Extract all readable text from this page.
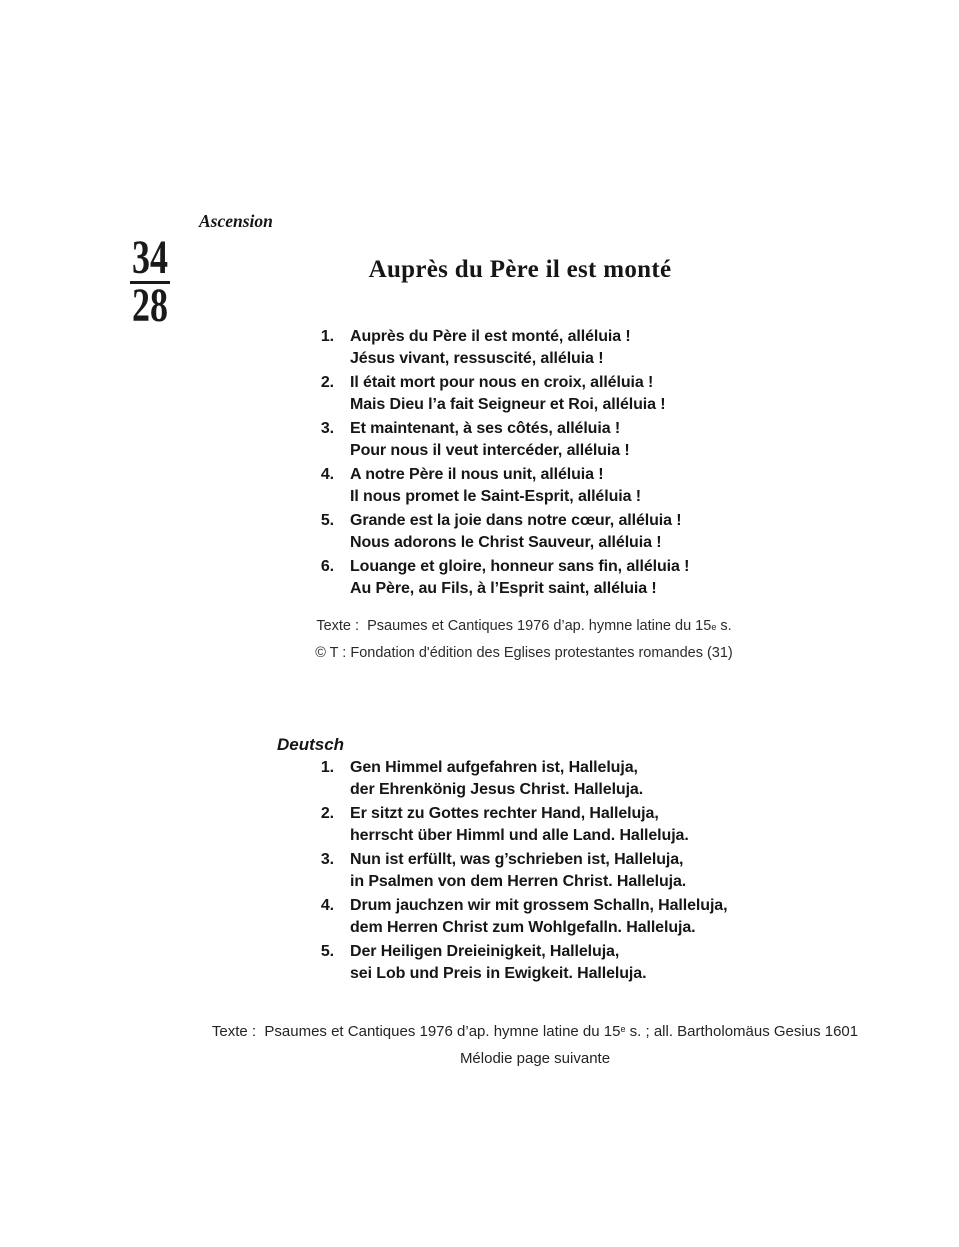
Ascension
34
28
Auprès du Père il est monté
1. Auprès du Père il est monté, alléluia !
Jésus vivant, ressuscité, alléluia !
2. Il était mort pour nous en croix, alléluia !
Mais Dieu l’a fait Seigneur et Roi, alléluia !
3. Et maintenant, à ses côtés, alléluia !
Pour nous il veut intercéder, alléluia !
4. A notre Père il nous unit, alléluia !
Il nous promet le Saint-Esprit, alléluia !
5. Grande est la joie dans notre cœur, alléluia !
Nous adorons le Christ Sauveur, alléluia !
6. Louange et gloire, honneur sans fin, alléluia !
Au Père, au Fils, à l’Esprit saint, alléluia !
Texte :  Psaumes et Cantiques 1976 d’ap. hymne latine du 15e s.
© T : Fondation d'édition des Eglises protestantes romandes (31)
Deutsch
1. Gen Himmel aufgefahren ist, Halleluja,
der Ehrenkönig Jesus Christ. Halleluja.
2. Er sitzt zu Gottes rechter Hand, Halleluja,
herrscht über Himml und alle Land. Halleluja.
3. Nun ist erfüllt, was g’schrieben ist, Halleluja,
in Psalmen von dem Herren Christ. Halleluja.
4. Drum jauchzen wir mit grossem Schalln, Halleluja,
dem Herren Christ zum Wohlgefalln. Halleluja.
5. Der Heiligen Dreieinigkeit, Halleluja,
sei Lob und Preis in Ewigkeit. Halleluja.
Texte :  Psaumes et Cantiques 1976 d’ap. hymne latine du 15e s. ; all. Bartholomäus Gesius 1601
Mélodie page suivante
